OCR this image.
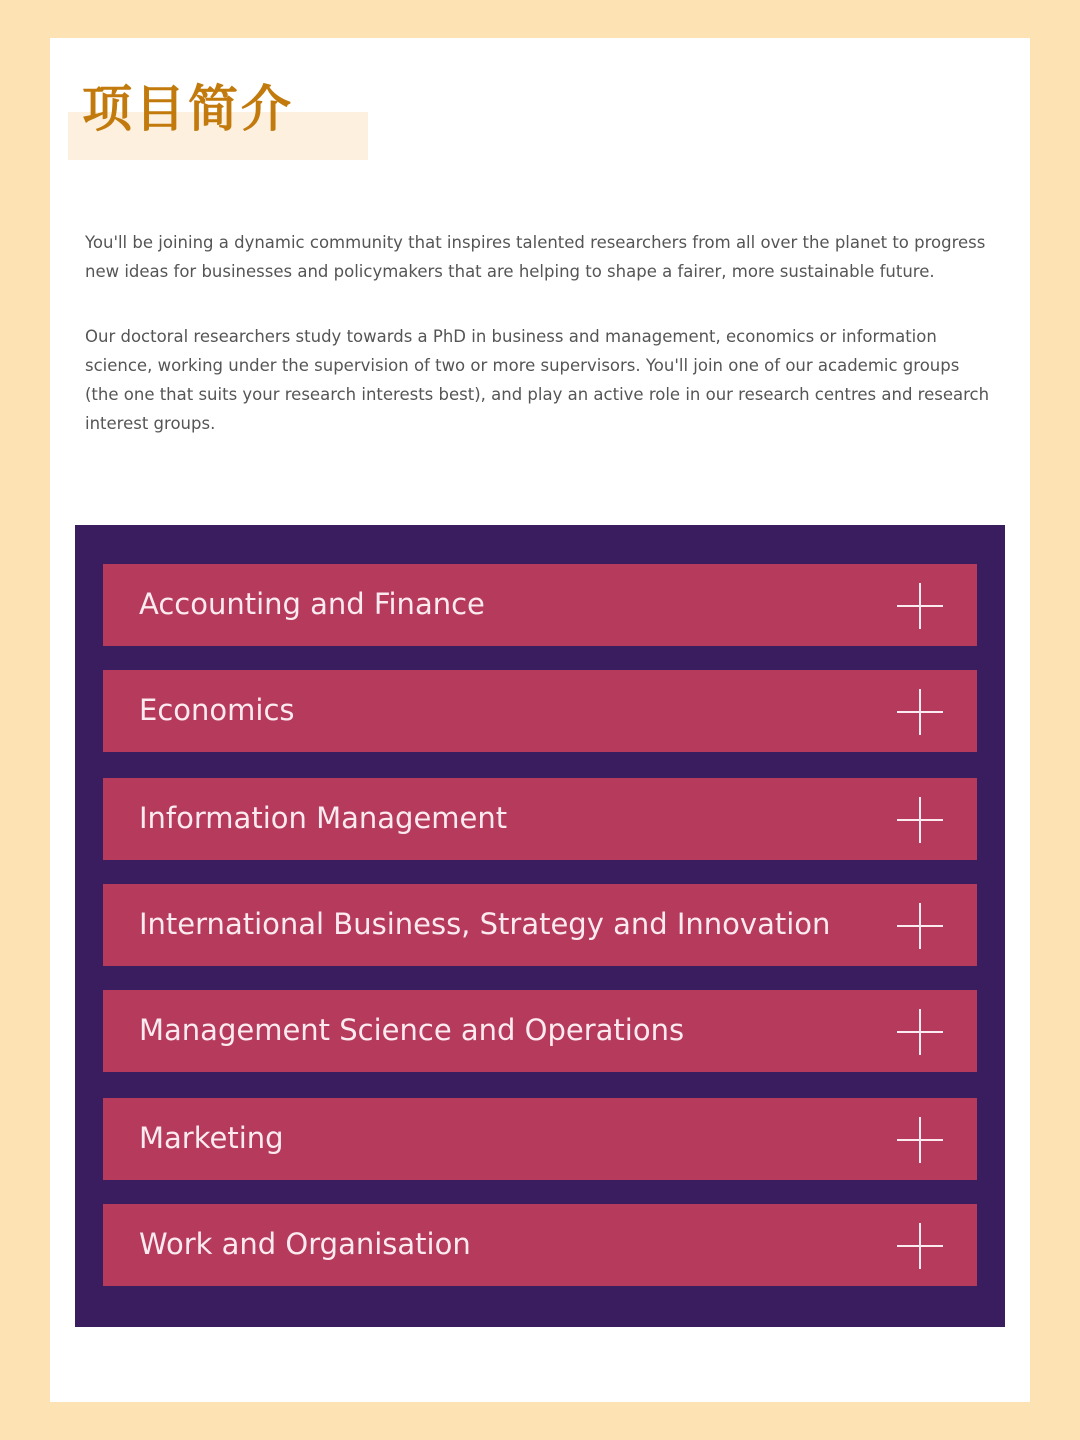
项目简介

You'll be joining a dynamic community that inspires talented researchers from all over the planet to progress new ideas for businesses and policymakers that are helping to shape a fairer, more sustainable future.

Our doctoral researchers study towards a PhD in business and management, economics or information science, working under the supervision of two or more supervisors. You'll join one of our academic groups (the one that suits your research interests best), and play an active role in our research centres and research interest groups.

Accounting and Finance
Economics
Information Management
International Business, Strategy and Innovation
Management Science and Operations
Marketing
Work and Organisation
